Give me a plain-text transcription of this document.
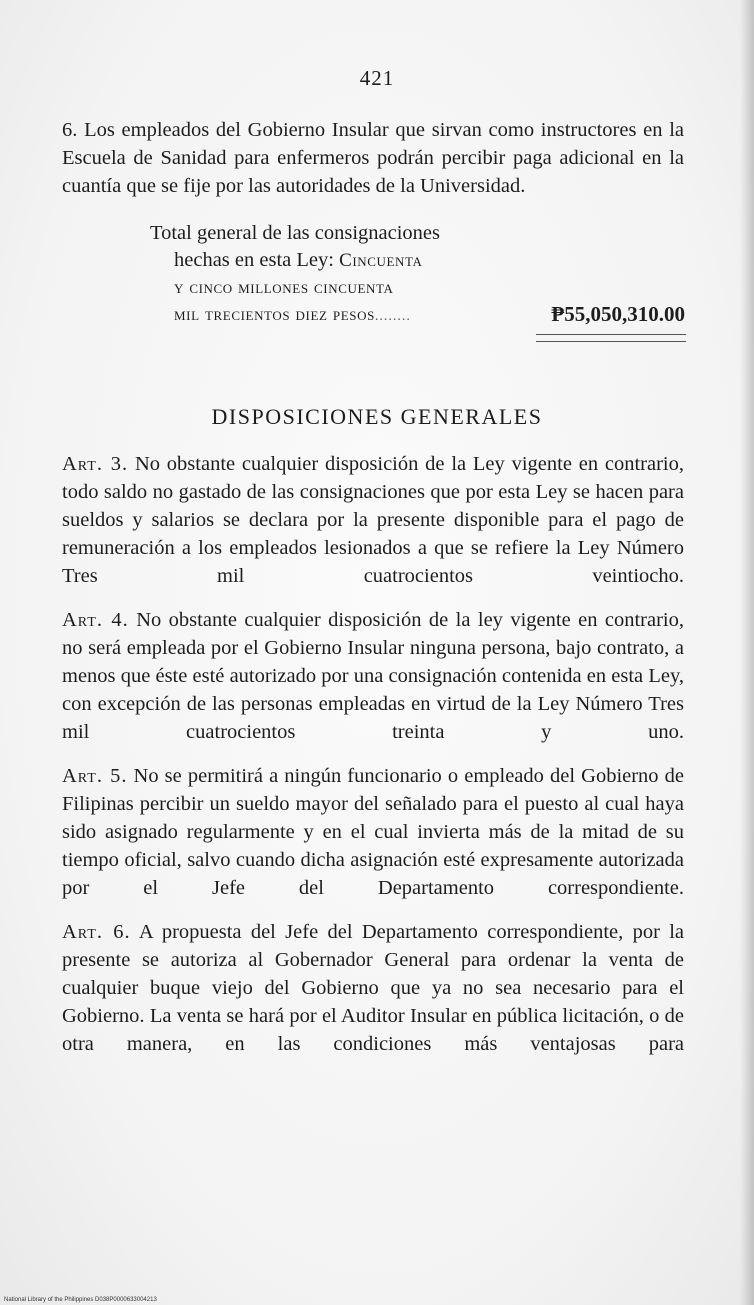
421
6. Los empleados del Gobierno Insular que sirvan como instructores en la Escuela de Sanidad para enfermeros podrán percibir paga adicional en la cuantía que se fije por las autoridades de la Universidad.
Total general de las consignaciones
hechas en esta Ley: Cincuenta
y cinco millones cincuenta
mil trecientos diez pesos........	₱55,050,310.00
DISPOSICIONES GENERALES
Art. 3. No obstante cualquier disposición de la Ley vigente en contrario, todo saldo no gastado de las consignaciones que por esta Ley se hacen para sueldos y salarios se declara por la presente disponible para el pago de remuneración a los empleados lesionados a que se refiere la Ley Número Tres mil cuatrocientos veintiocho.
Art. 4. No obstante cualquier disposición de la ley vigente en contrario, no será empleada por el Gobierno Insular ninguna persona, bajo contrato, a menos que éste esté autorizado por una consignación contenida en esta Ley, con excepción de las personas empleadas en virtud de la Ley Número Tres mil cuatrocientos treinta y uno.
Art. 5. No se permitirá a ningún funcionario o empleado del Gobierno de Filipinas percibir un sueldo mayor del señalado para el puesto al cual haya sido asignado regularmente y en el cual invierta más de la mitad de su tiempo oficial, salvo cuando dicha asignación esté expresamente autorizada por el Jefe del Departamento correspondiente.
Art. 6. A propuesta del Jefe del Departamento correspondiente, por la presente se autoriza al Gobernador General para ordenar la venta de cualquier buque viejo del Gobierno que ya no sea necesario para el Gobierno. La venta se hará por el Auditor Insular en pública licitación, o de otra manera, en las condiciones más ventajosas para
National Library of the Philippines D038P0000633004213
